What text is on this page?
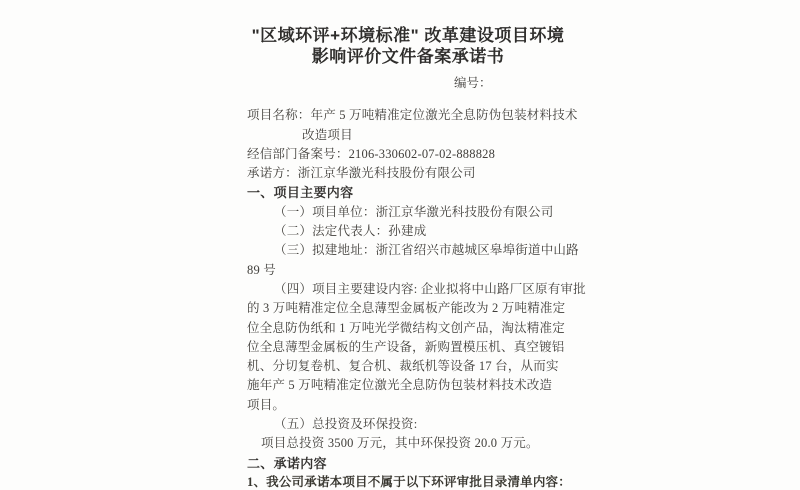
"区域环评+环境标准" 改革建设项目环境
影响评价文件备案承诺书
编号：
项目名称：年产 5 万吨精准定位激光全息防伪包装材料技术
改造项目
经信部门备案号：2106-330602-07-02-888828
承诺方：浙江京华激光科技股份有限公司
一、项目主要内容
（一）项目单位：浙江京华激光科技股份有限公司
（二）法定代表人：孙建成
（三）拟建地址：浙江省绍兴市越城区皋埠街道中山路
89 号
（四）项目主要建设内容: 企业拟将中山路厂区原有审批
的 3 万吨精准定位全息薄型金属板产能改为 2 万吨精准定
位全息防伪纸和 1 万吨光学微结构文创产品，淘汰精准定
位全息薄型金属板的生产设备，新购置模压机、真空镀铝
机、分切复卷机、复合机、裁纸机等设备 17 台，从而实
施年产 5 万吨精准定位激光全息防伪包装材料技术改造
项目。
（五）总投资及环保投资:
项目总投资 3500 万元，其中环保投资 20.0 万元。
二、承诺内容
1、我公司承诺本项目不属于以下环评审批目录清单内容：
